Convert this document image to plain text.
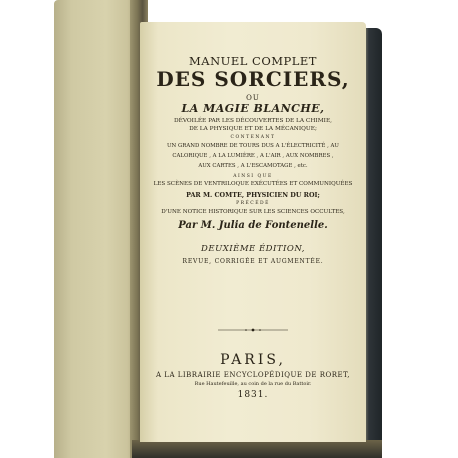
MANUEL COMPLET
DES SORCIERS,
OU
LA MAGIE BLANCHE,
DÉVOILÉE PAR LES DÉCOUVERTES DE LA CHIMIE,
DE LA PHYSIQUE ET DE LA MÉCANIQUE;
CONTENANT
UN GRAND NOMBRE DE TOURS DUS A L'ÉLECTRICITÉ , AU
CALORIQUE , A LA LUMIÈRE , A L'AIR , AUX NOMBRES ,
AUX CARTES , A L'ESCAMOTAGE , etc.
AINSI QUE
LES SCÈNES DE VENTRILOQUE EXÉCUTÉES ET COMMUNIQUÉES
PAR M. COMTE, PHYSICIEN DU ROI;
PRÉCÉDÉ
D'UNE NOTICE HISTORIQUE SUR LES SCIENCES OCCULTES,
Par M. Julia de Fontenelle.
DEUXIÈME ÉDITION,
REVUE, CORRIGÉE ET AUGMENTÉE.
PARIS,
A LA LIBRAIRIE ENCYCLOPÉDIQUE DE RORET,
Rue Hautefeuille, au coin de la rue du Battoir.
1831.
